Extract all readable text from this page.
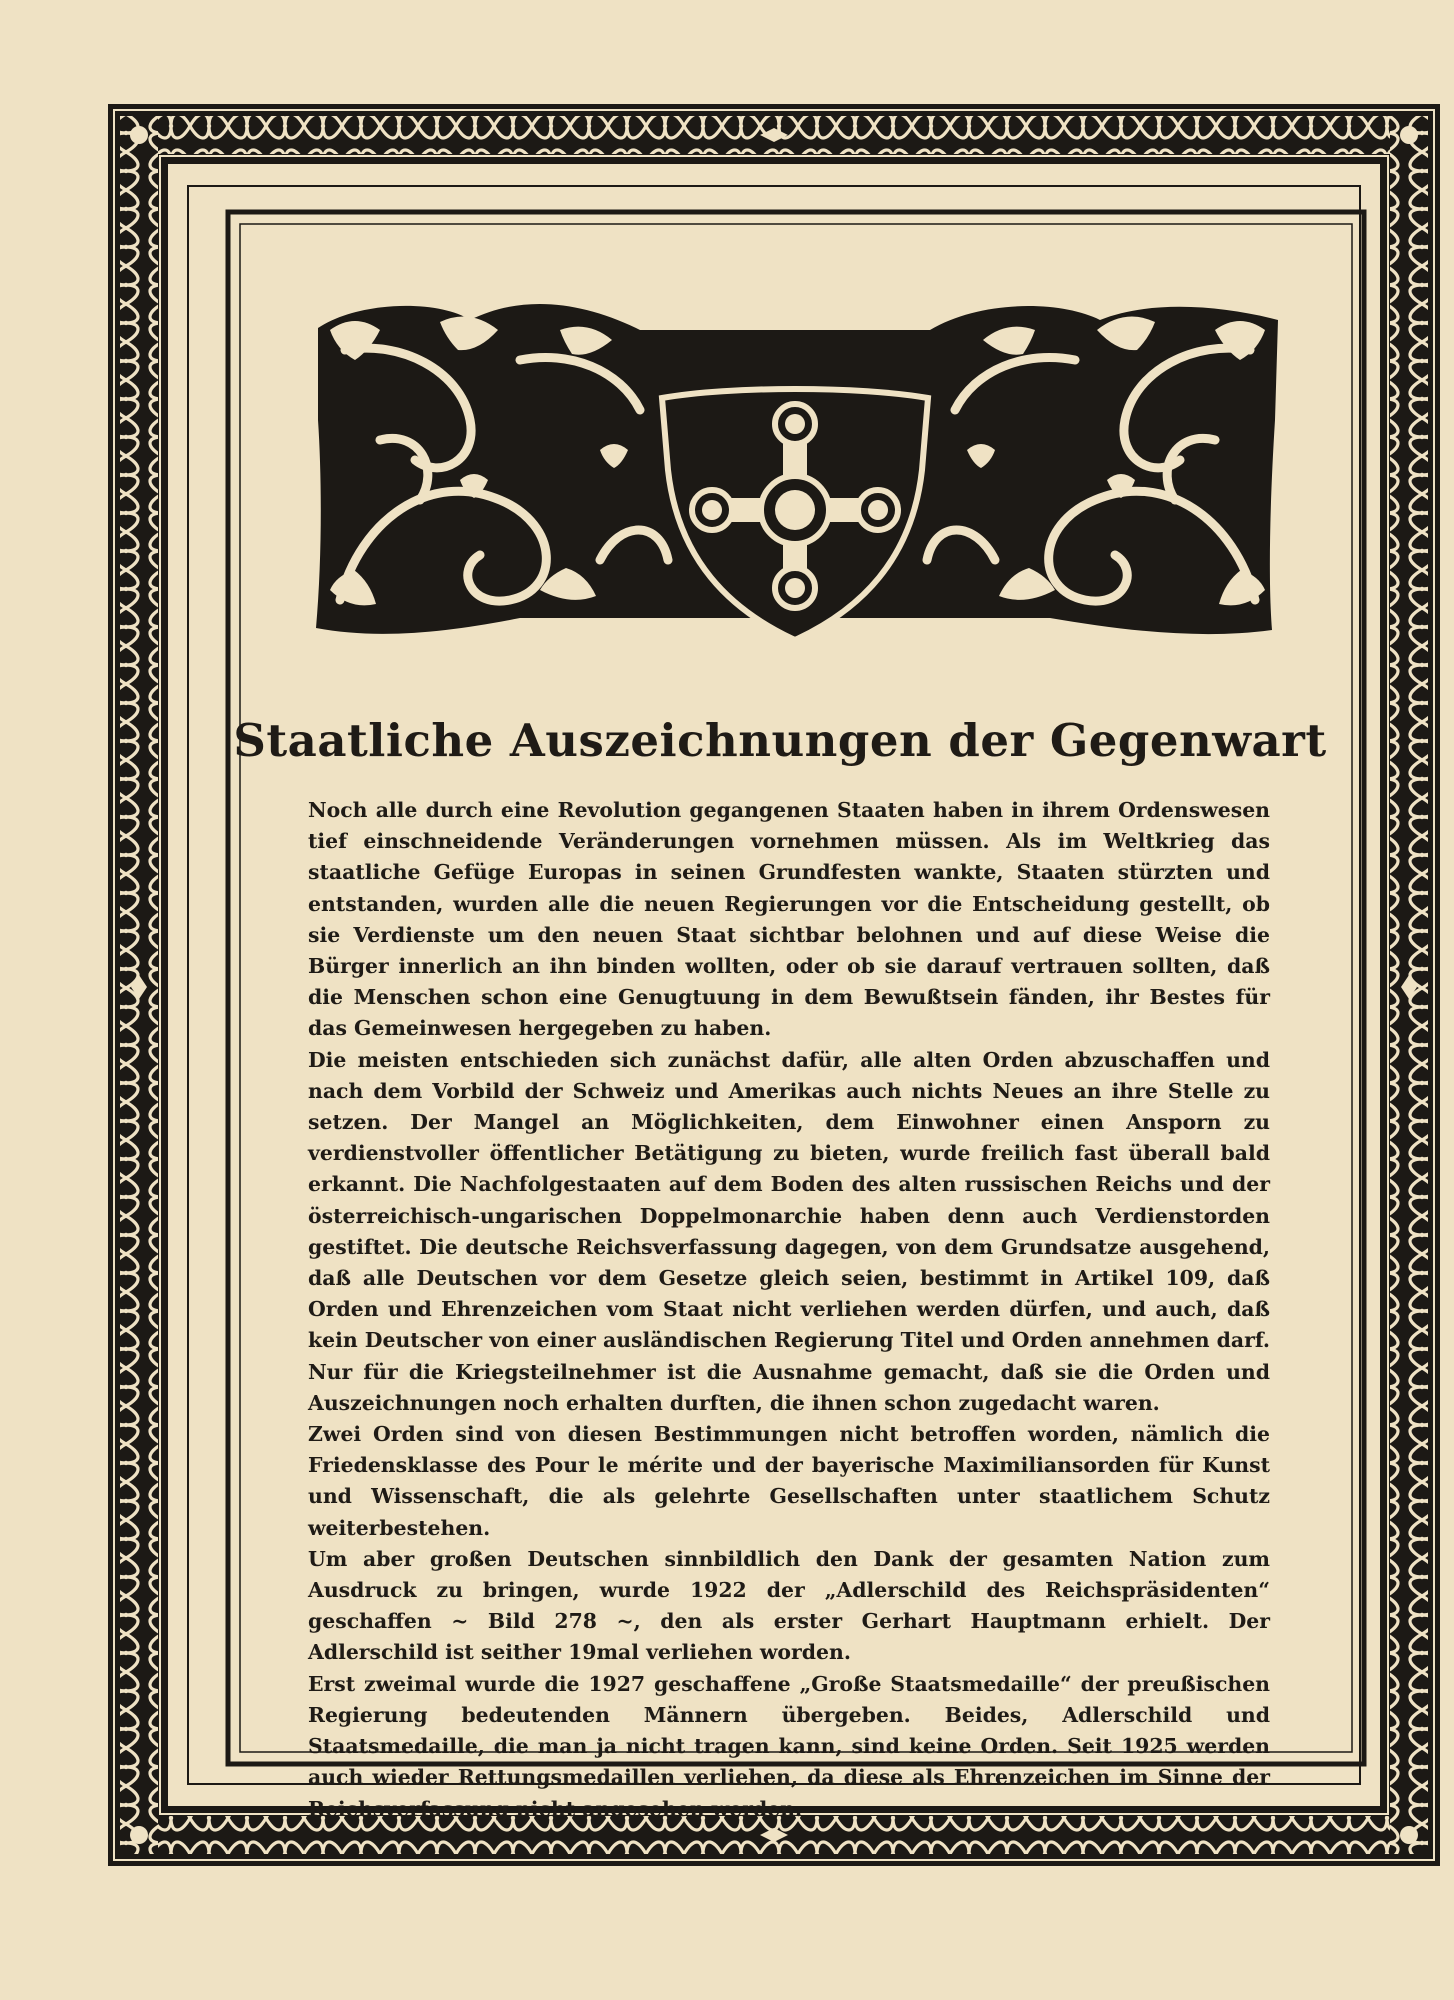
Staatliche Auszeichnungen der Gegenwart

Noch alle durch eine Revolution gegangenen Staaten haben in ihrem Ordenswesen tief einschneidende Veränderungen vornehmen müssen. Als im Weltkrieg das staatliche Gefüge Europas in seinen Grundfesten wankte, Staaten stürzten und entstanden, wurden alle die neuen Regierungen vor die Entscheidung gestellt, ob sie Verdienste um den neuen Staat sichtbar belohnen und auf diese Weise die Bürger innerlich an ihn binden wollten, oder ob sie darauf vertrauen sollten, daß die Menschen schon eine Genugtuung in dem Bewußtsein fänden, ihr Bestes für das Gemeinwesen hergegeben zu haben.

Die meisten entschieden sich zunächst dafür, alle alten Orden abzuschaffen und nach dem Vorbild der Schweiz und Amerikas auch nichts Neues an ihre Stelle zu setzen. Der Mangel an Möglichkeiten, dem Einwohner einen Ansporn zu verdienstvoller öffentlicher Betätigung zu bieten, wurde freilich fast überall bald erkannt. Die Nachfolgestaaten auf dem Boden des alten russischen Reichs und der österreichisch-ungarischen Doppelmonarchie haben denn auch Verdienstorden gestiftet. Die deutsche Reichsverfassung dagegen, von dem Grundsatze ausgehend, daß alle Deutschen vor dem Gesetze gleich seien, bestimmt in Artikel 109, daß Orden und Ehrenzeichen vom Staat nicht verliehen werden dürfen, und auch, daß kein Deutscher von einer ausländischen Regierung Titel und Orden annehmen darf. Nur für die Kriegsteilnehmer ist die Ausnahme gemacht, daß sie die Orden und Auszeichnungen noch erhalten durften, die ihnen schon zugedacht waren.

Zwei Orden sind von diesen Bestimmungen nicht betroffen worden, nämlich die Friedensklasse des Pour le mérite und der bayerische Maximiliansorden für Kunst und Wissenschaft, die als gelehrte Gesellschaften unter staatlichem Schutz weiterbestehen.

Um aber großen Deutschen sinnbildlich den Dank der gesamten Nation zum Ausdruck zu bringen, wurde 1922 der „Adlerschild des Reichspräsidenten“ geschaffen ~ Bild 278 ~, den als erster Gerhart Hauptmann erhielt. Der Adlerschild ist seither 19mal verliehen worden.

Erst zweimal wurde die 1927 geschaffene „Große Staatsmedaille“ der preußischen Regierung bedeutenden Männern übergeben. Beides, Adlerschild und Staatsmedaille, die man ja nicht tragen kann, sind keine Orden. Seit 1925 werden auch wieder Rettungsmedaillen verliehen, da diese als Ehrenzeichen im Sinne der Reichsverfassung nicht angesehen werden.
